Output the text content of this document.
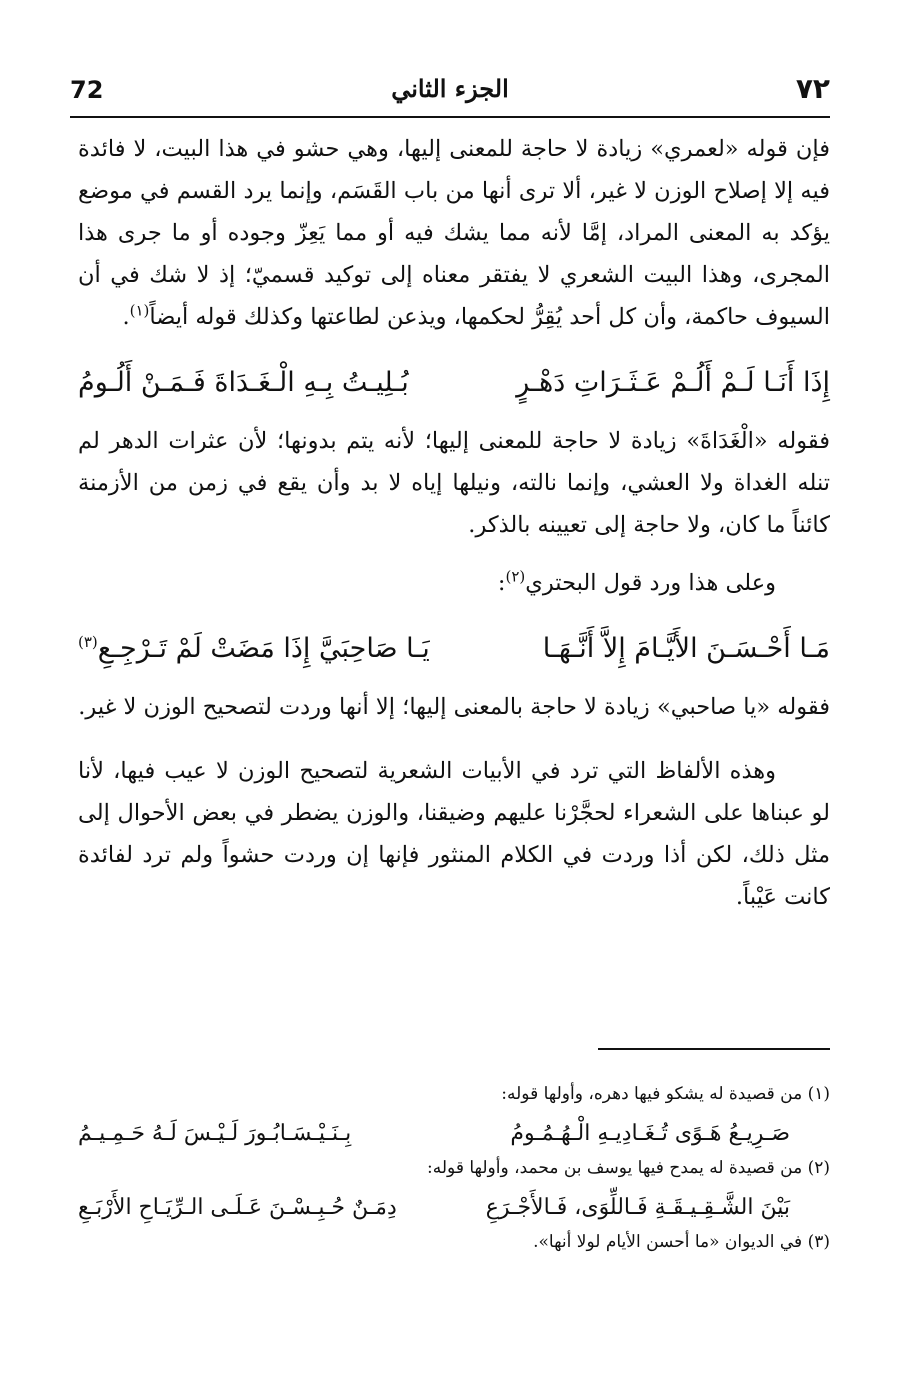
72	الجزء الثاني	٧٢

فإن قوله «لعمري» زيادة لا حاجة للمعنى إليها، وهي حشو في هذا البيت، لا فائدة فيه إلا إصلاح الوزن لا غير، ألا ترى أنها من باب القَسَم، وإنما يرد القسم في موضع يؤكد به المعنى المراد، إمَّا لأنه مما يشك فيه أو مما يَعِزّ وجوده أو ما جرى هذا المجرى، وهذا البيت الشعري لا يفتقر معناه إلى توكيد قسميّ؛ إذ لا شك في أن السيوف حاكمة، وأن كل أحد يُقِرُّ لحكمها، ويذعن لطاعتها وكذلك قوله أيضاً$^{(١)}$.

إِذَا أَنَـا لَـمْ أَلُـمْ عَـثَـرَاتِ دَهْـرٍ
بُـلِيـتُ بِـهِ الْـغَـدَاةَ فَـمَـنْ أَلُـومُ

فقوله «الْغَدَاةَ» زيادة لا حاجة للمعنى إليها؛ لأنه يتم بدونها؛ لأن عثرات الدهر لم تنله الغداة ولا العشي، وإنما نالته، ونيلها إياه لا بد وأن يقع في زمن من الأزمنة كائناً ما كان، ولا حاجة إلى تعيينه بالذكر.

وعلى هذا ورد قول البحتري$^{(٢)}$:

مَـا أَحْـسَـنَ الأَيَّـامَ إِلاَّ أَنَّـهَـا
يَـا صَاحِبَيَّ إِذَا مَضَتْ لَمْ تَـرْجِـعِ$^{(٣)}$

فقوله «يا صاحبي» زيادة لا حاجة بالمعنى إليها؛ إلا أنها وردت لتصحيح الوزن لا غير.

وهذه الألفاظ التي ترد في الأبيات الشعرية لتصحيح الوزن لا عيب فيها، لأنا لو عبناها على الشعراء لحجَّرْنا عليهم وضيقنا، والوزن يضطر في بعض الأحوال إلى مثل ذلك، لكن أذا وردت في الكلام المنثور فإنها إن وردت حشواً ولم ترد لفائدة كانت عَيْباً.

(١) من قصيدة له يشكو فيها دهره، وأولها قوله:

صَـرِيـعُ هَـوًى تُـغَـادِيـهِ الْـهُـمُـومُ
بِـنَـيْـسَـابُـورَ لَـيْـسَ لَـهُ حَـمِـيـمُ

(٢) من قصيدة له يمدح فيها يوسف بن محمد، وأولها قوله:

بَيْنَ الشَّـقِـيـقَـةِ فَـاللِّوَى، فَـالأَجْـرَعِ
دِمَـنٌ حُـبِـسْـنَ عَـلَـى الـرِّيَـاحِ الأَرْبَـعِ

(٣) في الديوان «ما أحسن الأيام لولا أنها».
